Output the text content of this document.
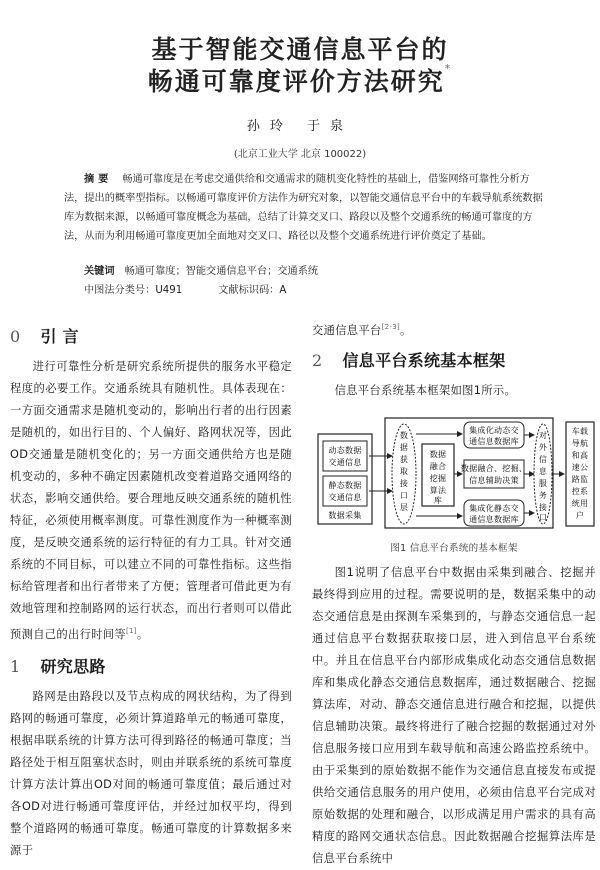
基于智能交通信息平台的
畅通可靠度评价方法研究*
孙玲 于泉
(北京工业大学 北京 100022)

摘要 畅通可靠度是在考虑交通供给和交通需求的随机变化特性的基础上，借鉴网络可靠性分析方法，提出的概率型指标。以畅通可靠度评价方法作为研究对象，以智能交通信息平台中的车载导航系统数据库为数据来源，以畅通可靠度概念为基础，总结了计算交叉口、路段以及整个交通系统的畅通可靠度的方法，从而为利用畅通可靠度更加全面地对交叉口、路径以及整个交通系统进行评价奠定了基础。

关键词 畅通可靠度；智能交通信息平台；交通系统
中图法分类号：U491	文献标识码：A
0 引 言

进行可靠性分析是研究系统所提供的服务水平稳定程度的必要工作。交通系统具有随机性。具体表现在：一方面交通需求是随机变动的，影响出行者的出行因素是随机的，如出行目的、个人偏好、路网状况等，因此OD交通量是随机变化的；另一方面交通供给方也是随机变动的，多种不确定因素随机改变着道路交通网络的状态，影响交通供给。要合理地反映交通系统的随机性特征，必须使用概率测度。可靠性测度作为一种概率测度，是反映交通系统的运行特征的有力工具。针对交通系统的不同目标，可以建立不同的可靠性指标。这些指标给管理者和出行者带来了方便；管理者可借此更为有效地管理和控制路网的运行状态，而出行者则可以借此预测自己的出行时间等[1]。

1 研究思路

路网是由路段以及节点构成的网状结构，为了得到路网的畅通可靠度，必须计算道路单元的畅通可靠度，根据串联系统的计算方法可得到路径的畅通可靠度；当路径处于相互阻塞状态时，则由并联系统的系统可靠度计算方法计算出OD对间的畅通可靠度值；最后通过对各OD对进行畅通可靠度评估，并经过加权平均，得到整个道路网的畅通可靠度。畅通可靠度的计算数据多来源于

交通信息平台[2-3]。

2 信息平台系统基本框架

信息平台系统基本框架如图1所示。

动态数据
交通信息
静态数据
交通信息
数据采集
数
据
获
取
接
口
层
数据
融合
挖掘
算法
库
集成化动态交
通信息数据库
数据融合、挖掘、
信息辅助决策
集成化静态交
通信息数据库
对
外
信
息
服
务
接
口
车载
导航
和高
速公
路监
控系
统用
户
图1 信息平台系统的基本框架

图1说明了信息平台中数据由采集到融合、挖掘并最终得到应用的过程。需要说明的是，数据采集中的动态交通信息是由探测车采集到的，与静态交通信息一起通过信息平台数据获取接口层，进入到信息平台系统中。并且在信息平台内部形成集成化动态交通信息数据库和集成化静态交通信息数据库，通过数据融合、挖掘算法库，对动、静态交通信息进行融合和挖掘，以提供信息辅助决策。最终将进行了融合挖掘的数据通过对外信息服务接口应用到车载导航和高速公路监控系统中。由于采集到的原始数据不能作为交通信息直接发布或提供给交通信息服务的用户使用，必须由信息平台完成对原始数据的处理和融合，以形成满足用户需求的具有高精度的路网交通状态信息。因此数据融合挖掘算法库是信息平台系统中
